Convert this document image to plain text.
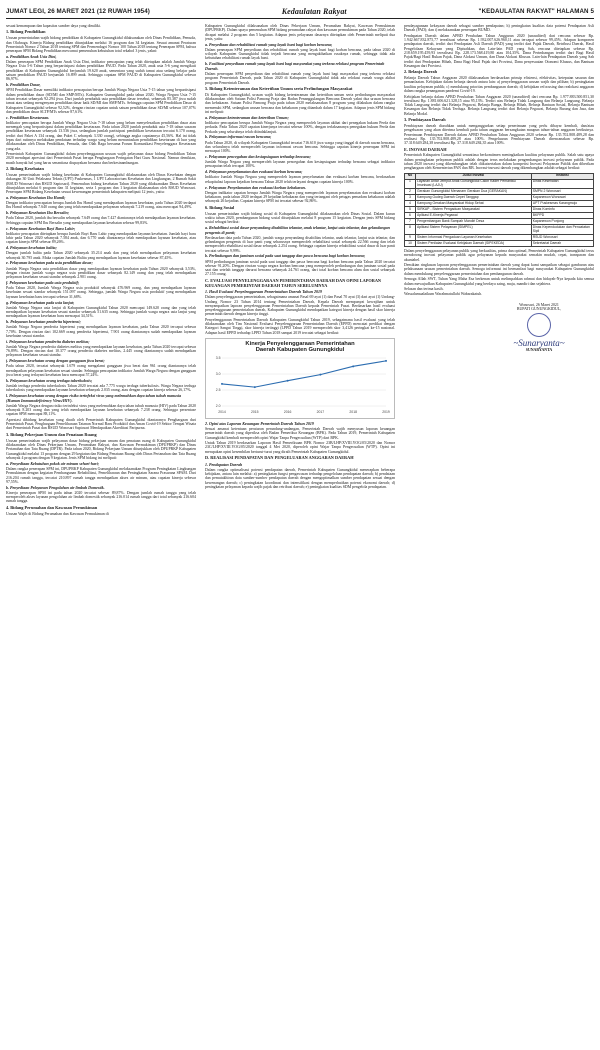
JUMAT LEGI, 26 MARET 2021 (12 RUWAH 1954)	Kedaulatan Rakyat	"KEDAULATAN RAKYAT" HALAMAN 5

sesuai kemampuan dan kapasitas sumber daya yang dimiliki.

1. Bidang Pendidikan

Urusan pemerintahan wajib bidang pendidikan di Kabupaten Gunungkidul dilaksanakan oleh Dinas Pendidikan, Pemuda, dan Olahraga. Kinerja Bidang pendidikan ditunjukkan melalui 16 program dan 34 kegiatan. Sesuai amanat Peraturan Pemerintah Nomor 2 Tahun 2018 tentang SPM dan Permendagri Nomor 100 Tahun 2018 tentang Penerapan SPM, bahwa penerapan SPM Bidang Pendidikan mewarnai pemenuhan kebutuhan total rekabol 3 jenis, yakni:

a. Pendidikan Anak Usia Dini,

Dalam penerapan SPM Pendidikan Anak Usia Dini, indikator pencapaian yang telah ditetapkan adalah Jumlah Warga Negara Usia 5-6 Tahun yang berpartisipasi dalam pendidikan PAUD. Pada Tahun 2020, anak usia 5-6 yang mengikuti pendidikan di Kabupaten Gunungkidul berjumlah 19.620 anak, sementara yang sudah tamat atau sedang belajar pada satuan pendidikan PAUD berjumlah 16.899 anak. Sehingga capaian SPM PAUD di Kabupaten Gunungkidul sebesar 86,97%.

b. Pendidikan Dasar,

SPM Pendidikan Dasar memiliki indikator pencapaian berupa Jumlah Warga Negara Usia 7-15 tahun yang berpartisipasi dalam pendidikan dasar (SD/MI dan SMP/MTs). Kabupaten Gunungkidul pada tahun 2020, Warga Negara Usia 7-15 tahun tercatat sebanyak 92.294 jiwa. Dari jumlah penduduk usia pendidikan dasar tersebut, sebanyak 85.387 jiwa sudah tamat atau sedang mengenyam pendidikan dasar baik SD/MI dan SMP/MTs. Sehingga capaian SPM Pendidikan Dasar di Kabupaten Gunungkidul sebesar 92,52%, dengan rincian capaian untuk satuan pendidikan dasar SD/MI sebesar 107,07% dan pendidikan dasar SLTP/MTs sebesar 87,61%.

c. Pendidikan Kesetaraan.

Indikator pencapaian berupa Jumlah Warga Negara Usia 7-18 tahun yang belum menyelesaikan pendidikan dasar atau menengah yang berpartisipasi dalam pendidikan kesetaraan. Pada tahun 2020 jumlah penduduk usia 7-18 tahun sasaran pendidikan kesetaraan sebanyak 13.536 jiwa, sedangkan jumlah partisipasi pendidikan kesetaraan tercatat 6.170 orang, terdiri dari Paket A 134 orang, dan Paket C sebanyak 3.330 orang), sehingga angka capaiannya 45,56%. Hal ini tidak lepas dari rutinnya melakukan pendataan terhadap warga yang belum menuntaskan pendidikan kesetaraan di luar yang dilaksanakan oleh Dinas Pendidikan, Pemuda, dan Olah Raga bersama Forum Komunikasi Penyelenggara Kesetaraan yang ada.

Pemerintah Kabupaten Gunungkidul dalam penyelenggaraan urusan wajib pelayanan dasar bidang Pendidikan Tahun 2020 mendapat apresiasi dari Pemerintah Pusat berupa Penghargaan Peringatan Hari Guru Nasional. Namun demikian, masih banyak hal yang harus senantiasa diupayakan bersama dan berkesinambungan.

2. Bidang Kesehatan

Urusan pemerintahan wajib bidang kesehatan di Kabupaten Gunungkidul dilaksanakan oleh Dinas Kesehatan dengan dukungan 30 Unit Pelaksana Teknis (UPT) Puskesmas, 1 UPT Laboratorium Kesehatan dan Lingkungan, 2 Rumah Sakit (RSUD Wonosari dan RSUD Saptosari). Pemenuhan bidang kesehatan Tahun 2020 yang dilaksanakan Dinas Kesehatan ditunjukkan melalui 6 program dan 31 kegiatan, serta 1 program dan 1 kegiatan dilaksanakan oleh RSUD Wonosari. Penerapan SPM Bidang Kesehatan sesuai kewenangan pemerintah kabupaten meliputi 12 jenis, yaitu:

a. Pelayanan Kesehatan Ibu Hamil;

Dengan indikator pencapaian berupa Jumlah Ibu Hamil yang mendapatkan layanan kesehatan, pada Tahun 2020 terdapat Ibu Hamil sebanyak 7.640 orang dan yang telah mendapatkan pelayanan sebanyak 7.219 orang, atau mencapai 94,49%.

b. Pelayanan Kesehatan Ibu Bersalin;

Pada Tahun 2020, jumlah ibu bersalin sebanyak 7.649 orang dan 7.427 diantaranya telah mendapatkan layanan kesehatan. Sehingga capaian SPM Ibu Bersalin yang mendapatkan layanan kesehatan sebesar 99,83%.

c. Pelayanan Kesehatan Bayi Baru Lahir;

Indikator pencapaian ditetapkan berupa Jumlah Bayi Baru Lahir yang mendapatkan layanan kesehatan. Jumlah bayi baru lahir pada Tahun 2020 sebanyak 7.584 anak, dan 6.770 anak diantaranya telah mendapatkan layanan kesehatan, atau capaian kinerja SPM sebesar 89,26%.

d. Pelayanan kesehatan balita;

Dengan jumlah balita pada Tahun 2020 sebanyak 35.214 anak dan yang telah mendapatkan pelayanan kesehatan sebanyak 30.795 anak. Maka capaian Jumlah Balita yang mendapatkan layanan kesehatan sebesar 87,45%.

e. Pelayanan kesehatan pada usia pendidikan dasar;

Jumlah Warga Negara usia pendidikan dasar yang mendapatkan layanan kesehatan pada Tahun 2020 sebanyak 3,53%, dengan rincian jumlah warga negara usia pendidikan dasar sebanyak 82.149 orang dan yang telah mendapatkan pelayanan kesehatan sesuai standar sebanyak 2.901 orang.

f. Pelayanan kesehatan pada usia produktif;

Pada Tahun 2020, Jumlah Warga Negara usia produktif sebanyak 476.969 orang, dan yang mendapatkan layanan kesehatan sesuai standar sebanyak 151.097 orang. Sehingga, jumlah Warga Negara usia produktif yang mendapatkan layanan kesehatan baru tercapai sebesar 31,68%.

g. Pelayanan kesehatan pada usia lanjut;

Jumlah Warga Negara usia lanjut di Kabupaten Gunungkidul Tahun 2020 mencapai 149.620 orang dan yang telah mendapatkan layanan kesehatan sesuai standar sebanyak 51.635 orang. Sehingga jumlah warga negara usia lanjut yang mendapatkan layanan kesehatan baru mencapai 34,51%.

h. Pelayanan kesehatan penderita hipertensi;

Jumlah Warga Negara penderita hipertensi yang mendapatkan layanan kesehatan, pada Tahun 2020 tercapai sebesar 7,70%. Dengan rincian dari 102.669 orang penderita hipertensi, 7.901 orang diantaranya sudah mendapatkan layanan kesehatan sesuai standar.

i. Pelayanan kesehatan penderita diabetes melitus;

Jumlah Warga Negara penderita diabetes melitus yang mendapatkan layanan kesehatan, pada Tahun 2020 tercapai sebesar 76,89%. Dengan rincian dari 10.377 orang penderita diabetes melitus, 2.445 orang diantaranya sudah mendapatkan pelayanan kesehatan sesuai standar.

j. Pelayanan kesehatan orang dengan gangguan jiwa berat;

Pada tahun 2020, tercatat sebanyak 1.679 orang mengalami gangguan jiwa berat dan 961 orang diantaranya telah mendapatkan pelayanan kesehatan sesuai standar. Sehingga pencapaian indikator Jumlah Warga Negara dengan gangguan jiwa berat yang terlayani kesehatan baru mencapai 57,24%.

k. Pelayanan kesehatan orang terduga tuberkulosis;

Jumlah terduga penderita tuberkulosis Tahun 2020 tercatat ada 7.775 warga terduga tuberkulosis. Warga Negara terduga tuberkulosis yang mendapatkan layanan kesehatan sebanyak 2.035 orang, atau dengan capaian kinerja sebesar 26,17%.

l. Pelayanan kesehatan orang dengan risiko terinfeksi virus yang melemahkan daya tahan tubuh manusia (Human Immunodeficiency Virus/HIV).

Jumlah Warga Negara dengan risiko terinfeksi virus yang melemahkan daya tahan tubuh manusia (HIV) pada Tahun 2020 sebanyak 8.203 orang dan yang telah mendapatkan layanan kesehatan sebanyak 7.238 orang. Sehingga persentase capaian SPM mencapai 88,11%.

Apresiasi dibidang kesehatan yang diraih oleh Pemerintah Kabupaten Gunungkidul diantaranya Penghargaan dari Pemerintah Pusat, Penghargaan Pemeliharaan Tatanan Normal Baru Produktif dan Aman Covid-19 Sektor Tempat Wisata dari Pemerintah Pusat dan RSUD Wonosari Saptosari Mendapatkan Akreditasi Paripurna.

3. Bidang Pekerjaan Umum dan Penataan Ruang

Urusan pemerintahan wajib pelayanan dasar bidang pekerjaan umum dan penataan ruang di Kabupaten Gunungkidul dilaksanakan oleh Dinas Pekerjaan Umum, Perumahan Rakyat, dan Kawasan Permukiman (DPUPRKP) dan Dinas Pertanahan dan Tata Ruang (DPTR). Pada tahun 2020, Bidang Pekerjaan Umum ditunjukkan oleh DPUPRKP Kabupaten Gunungkidul melalui 13 program dengan 29 kegiatan dan Bidang Penataan Ruang oleh Dinas Pertanahan dan Tata Ruang sebanyak 4 program dengan 9 kegiatan. Jenis SPM bidang ini meliputi:

a. Penyediaan Kebutuhan pokok air minum sehari-hari;

Dalam rangka penerapan SPM ini, DPUPRKP Kabupaten Gunungkidul melaksanakan Program Peningkatan Lingkungan Permukiman dengan kegiatan Pembangunan Rehabilitasi, Pemeliharaan dan Peningkatan Sarana Prasarana SPAM. Dari 216.204 rumah tangga, tercatat 210.897 rumah tangga mendapatkan akses air minum, atau capaian kinerja sebesar 97,55%.

b. Penyediaan Pelayanan Pengolahan air limbah Domestik.

Kinerja penerapan SPM ini pada tahun 2020 tercatat sebesar 89,87%. Dengan jumlah rumah tangga yang telah memperoleh akses layanan pengolahan air limbah domestik sebanyak 216.014 rumah tangga dari total sebanyak 216.604 rumah tangga.

4. Bidang Perumahan dan Kawasan Permukiman

Urusan Wajib di Bidang Perumahan dan Kawasan Permukiman di

Kabupaten Gunungkidul dilaksanakan oleh Dinas Pekerjaan Umum, Perumahan Rakyat, Kawasan Permukiman (DPUPRKP). Dalam upaya pemenuhan SPM bidang perumahan rakyat dan kawasan permukiman pada Tahun 2020, telah dicapai melalui 2 program dan 5 kegiatan. Adapun jenis pelayanan dasarnya ditetapkan oleh Pemerintah meliputi dua jenis, yaitu:

a. Penyediaan dan rehabilitasi rumah yang layak huni bagi korban bencana;

Dalam penerapan SPM penyediaan dan rehabilitasi rumah yang layak huni bagi korban bencana, pada tahun 2020 di wilayah Kabupaten Gunungkidul tidak terjadi bencana yang mengakibatkan rusaknya rumah, sehingga tidak ada kebutuhan rehabilitasi rumah layak huni.

b. Fasilitasi penyediaan rumah yang layak huni bagi masyarakat yang terkena relokasi program Pemerintah Daerah.

Dalam penerapan SPM penyediaan dan rehabilitasi rumah yang layak huni bagi masyarakat yang terkena relokasi program Pemerintah Daerah, pada Tahun 2020 di Kabupaten Gunungkidul tidak ada relokasi rumah warga akibat program Pemerintah Daerah.

5. Bidang Ketenteraman dan Ketertiban Umum serta Perlindungan Masyarakat

Di Kabupaten Gunungkidul, urusan wajib bidang ketenteraman dan ketertiban umum serta perlindungan masyarakat dilaksanakan oleh Satuan Polisi Pamong Praja dan Badan Penanggulangan Bencana Daerah yakni dua urusan bencana dan kebakaran. Satuan Polisi Pamong Praja pada tahun 2020 melaksanakan 8 program yang dilakukan dalam rangka memenuhi SPM, sedangkan urusan bencana dan kebakaran yang ditambah dalam 17 kegiatan. Adapun jenis SPM bidang ini meliputi:

a. Pelayanan ketenteraman dan ketertiban Umum;

Indikator pencapaian berupa Jumlah Warga Negara yang memperoleh layanan akibat dari penegakan hukum Perda dan perkada. Pada Tahun 2020 capaian kinerjanya tercatat sebesar 100%, dengan terlaksananya penegakan hukum Perda dan Perkada yang seluruhnya telah ditindaklanjuti.

b. Pelayanan informasi rawan bencana;

Pada Tahun 2020, di wilayah Kabupaten Gunungkidul tercatat 716.610 jiwa warga yang tinggal di daerah rawan bencana, dan seluruhnya telah memperoleh layanan informasi rawan bencana. Sehingga capaian kinerja penerapan SPM ini mencapai 100%.

c. Pelayanan pencegahan dan kesiapsiagaan terhadap bencana;

Jumlah Warga Negara yang memperoleh layanan pencegahan dan kesiapsiagaan terhadap bencana sebagai indikator pencapaian telah tercapai 100%.

d. Pelayanan penyelamatan dan evakuasi korban bencana;

Indikator Jumlah Warga Negara yang memperoleh layanan penyelamatan dan evakuasi korban bencana, berdasarkan rekapitulasi laporan kejadian bencana Tahun 2020 telah terlayani dengan capaian kinerja 100%.

e. Pelayanan Penyelamatan dan evakuasi korban kebakaran.

Dengan indikator capaian berupa Jumlah Warga Negara yang memperoleh layanan penyelamatan dan evakuasi korban kebakaran, pada tahun 2020 terdapat 29 kejadian kebakaran dan yang tertangani oleh petugas pemadam kebakaran adalah sebanyak 26 kejadian. Capaian kinerja SPM ini tercatat sebesar 92,86%.

6. Bidang Sosial

Urusan pemerintahan wajib bidang sosial di Kabupaten Gunungkidul dilaksanakan oleh Dinas Sosial. Dalam kurun waktu tahun 2020, pembangunan bidang sosial ditunjukkan melalui 8 program 15 kegiatan. Dengan jenis SPM bidang sosial sebagai berikut:

a. Rehabilitasi sosial dasar penyandang disabilitas telantar, anak telantar, lanjut usia telantar, dan gelandangan pengemis di panti;

Berdasarkan data pada Tahun 2020, jumlah warga penyandang disabilitas telantar, anak telantar, lanjut usia telantar, dan gelandangan pengemis di luar panti yang seharusnya memperoleh rehabilitasi sosial sebanyak 22.566 orang dan telah memperoleh rehabilitasi sosial dasar sebanyak 2.254 orang. Sehingga capaian kinerja rehabilitasi sosial dasar di luar panti tercatat sebesar 9,99%.

b. Perlindungan dan jaminan sosial pada saat tanggap dan pasca bencana bagi korban bencana;

SPM perlindungan jaminan sosial pada saat tanggap dan pasca bencana bagi korban bencana pada Tahun 2020 tercatat sebesar 91,20%. Dengan rincian warga negara korban bencana yang memperoleh perlindungan dan jaminan sosial pada saat dan setelah tanggap darurat bencana sebanyak 24.761 orang, dari total korban bencana alam dan sosial sebanyak 27.155 orang.

C. EVALUASI PENYELENGGARAAN PEMERINTAHAN DAERAH DAN OPINI LAPORAN KEUANGAN PEMERINTAH DAERAH TAHUN SEBELUMNYA
1. Hasil Evaluasi Penyelenggaraan Pemerintahan Daerah Tahun 2019

Dalam penyelenggaraan pemerintahan, sebagaimana amanat Pasal 69 ayat (1) dan Pasal 70 ayat (3) dari ayat (1) Undang-Undang Nomor 23 Tahun 2014 tentang Pemerintahan Daerah, Kepala Daerah mempunyai kewajiban untuk menyampaikan laporan penyelenggaraan Pemerintahan Daerah kepada Pemerintah Pusat. Berdasarkan hasil evaluasi penyelenggaraan pemerintahan daerah, Kabupaten Gunungkidul mendapatkan kategori kinerja dengan hasil skor kinerja pemerintah daerah dengan kinerja tinggi.

Penyelenggaraan Pemerintahan Daerah Kabupaten Gunungkidul Tahun 2019, sebagaimana hasil evaluasi yang telah dilaksanakan oleh Tim Nasional Evaluasi Penyelenggaraan Pemerintahan Daerah (EPPD) mencatat predikat dengan Kategori Sangat Tinggi, skor kinerja tertinggi (LPPD Tahun 2019 memperoleh skor 3,4126 peringkat ke-15 nasional. Adapun hasil EPPD terhadap LPPD Tahun 2018 sampai 2019 tercatat sebagai berikut:

Kinerja Penyelenggaraan Pemerintahan
Daerah Kabupaten Gunungkidul
2.0
2.5
3.0
3.5
2014	2015	2016	2017	2018	2019
2. Opini atas Laporan Keuangan Pemerintah Daerah Tahun 2019

Sesuai amanat ketentuan peraturan perundang-undangan, Pemerintah Daerah wajib menyusun laporan keuangan pemerintah daerah yang diperiksa oleh Badan Pemeriksa Keuangan (BPK). Pada Tahun 2019, Pemerintah Kabupaten Gunungkidul kembali memperoleh opini Wajar Tanpa Pengecualian (WTP) dari BPK.

Untuk Tahun 2019 berdasarkan Laporan Hasil Pemeriksaan BPK Nomor 23B/LHP/XVIII.YOG/05/2020 dan Nomor 23C/LHP/XVIII.YOG/05/2020 tanggal 4 Mei 2020, diperoleh opini Wajar Tanpa Pengecualian (WTP). Opini ini merupakan opini kesembilan berturut-turut yang diraih Pemerintah Kabupaten Gunungkidul.

D. REALISASI PENDAPATAN DAN PENGELUARAN ANGGARAN DAERAH
1. Pendapatan Daerah

Dalam rangka optimalisasi potensi pendapatan daerah, Pemerintah Kabupaten Gunungkidul menerapkan beberapa kebijakan, antara lain melalui: a) peningkatan fungsi pengawasan terhadap pengelolaan pendapatan daerah; b) pendataan dan pemutakhiran data sumber-sumber pendapatan daerah dengan mengoptimalkan sumber pendapatan sesuai dengan kewenangan daerah; c) peningkatan koordinasi dan intensifikasi dengan memperhatikan potensi ekonomi daerah; d) peningkatan pelayanan kepada wajib pajak dan retribusi daerah; e) peningkatan kualitas SDM pengelola pendapatan.

pendayagunaan kekayaan daerah sebagai sumber pendapatan; h) peningkatan kualitas data potensi Pendapatan Asli Daerah (PAD); dan i) melaksanakan penerapan BUMD.

Pendapatan Daerah dalam APBD Perubahan Tahun Anggaran 2020 (unaudited) dari rencana sebesar Rp. 1.942.667.832.875,77 terealisasi sebesar Rp. 1.932.007.626.960,11 atau tercapai sebesar 99,45%. Adapun komponen pendapatan daerah, terdiri dari Pendapatan Asli Daerah (PAD) yang terdiri dari Pajak Daerah, Retribusi Daerah, Hasil Pengelolaan Kekayaan yang Dipisahkan, dan Lain-lain PAD yang Sah, rencana ditetapkan sebesar Rp. 218.659.195.459,93 terealisasi Rp. 228.173.568.419,80 atau 104,35%. Dana Perimbangan terdiri dari Bagi Hasil Pajak/Bagi Hasil Bukan Pajak, Dana Alokasi Umum, dan Dana Alokasi Khusus. Lain-lain Pendapatan Daerah yang Sah terdiri dari Pendapatan Hibah, Dana Bagi Hasil Pajak dari Provinsi, Dana penyesuaian Otonomi Khusus, dan Bantuan Keuangan dari Provinsi.

2. Belanja Daerah

Belanja Daerah Tahun Anggaran 2020 dilaksanakan berdasarkan prinsip efisiensi, efektivitas, ketepatan sasaran dan pemanfaatan. Kebijakan dalam belanja daerah antara lain: a) penyelenggaraan urusan wajib dan pilihan; b) peningkatan kualitas pelayanan publik; c) mendukung prioritas pembangunan daerah; d) kebijakan refocusing dan realokasi anggaran dalam rangka penanganan pandemi Covid-19.

Kebijakan belanja dalam APBD Perubahan Tahun Anggaran 2020 (unaudited) dari rencana Rp. 1.977.883.500.851,30 terealisasi Rp. 1.881.606.621.328,15 atau 95,13%. Terdiri atas Belanja Tidak Langsung dan Belanja Langsung. Belanja Tidak Langsung terdiri dari Belanja Pegawai, Belanja Bunga, Belanja Hibah, Belanja Bantuan Sosial, Belanja Bantuan Keuangan dan Belanja Tidak Terduga. Belanja Langsung terdiri dari Belanja Pegawai, Belanja Barang dan Jasa, dan Belanja Modal.

3. Pembiayaan Daerah

Pembiayaan daerah diarahkan untuk menganggarkan setiap penerimaan yang perlu dibayar kembali, dan/atau pengeluaran yang akan diterima kembali pada tahun anggaran bersangkutan maupun tahun-tahun anggaran berikutnya. Penerimaan Pembiayaan Daerah dalam APBD Perubahan Tahun Anggaran 2020 sebesar Rp. 135.702.808.489,28 dan realisasi Rp. 135.702.808.489,28 atau 100%. Pengeluaran Pembiayaan Daerah direncanakan sebesar Rp. 37.318.649.284,38 terealisasi Rp. 37.318.649.284,35 atau 100%.

E. INOVASI DAERAH

Pemerintah Kabupaten Gunungkidul senantiasa berkomitmen meningkatkan kualitas pelayanan publik. Salah satu upaya dalam peningkatan pelayanan publik adalah dengan terus melakukan pengembangan inovasi pelayanan publik. Pada tahun 2020 inovasi yang dikembangkan telah diikutsertakan dalam kompetisi Inovasi Pelayanan Publik dan diberikan penghargaan oleh Kementerian PAN dan RB. Inovasi-inovasi daerah yang dikembangkan adalah sebagai berikut:

No	Judul Inovasi	Instansi
1	Layanan Antar Jemput Anak Gunungkidul Calon Kader Pemantau Imunisasi (LAJU)	Dinas Kesehatan
2	Gerakan Gunungkidul Menanam Gerakan Dua (GERAKAN)	SMPN 2 Wonosari
3	Kampung Gudeg Daerah Cepet Tanggap	Kapanewon Wonosari
4	Kampung Gerakan Masyarakat Hidup Sehat	UPT Puskesmas Karangmojo
5	SIRKAP - Sistem Pengaduan Masyarakat	Dinas Kominfo
6	Aplikasi E-Kinerja Pegawai	BKPPD
7	Pengembangan Bank Sampah Mandiri Desa	Kapanewon Ponjong
8	Aplikasi Sistem Pelayanan (SIMPEL)	Dinas Kependudukan dan Pencatatan Sipil
9	Sistem Informasi Pengaduan Layanan Kesehatan	RSUD Wonosari
10	Sistem Penilaian Evaluasi Kebijakan Daerah (SIPEKEDA)	Sekretariat Daerah

Dalam penyelenggaraan pelayanan publik yang berkualitas, prima dan optimal, Pemerintah Kabupaten Gunungkidul terus mendorong inovasi pelayanan publik agar pelayanan kepada masyarakat semakin mudah, cepat, transparan dan akuntabel.

Demikian ringkasan laporan penyelenggaraan pemerintahan daerah yang dapat kami sampaikan sebagai gambaran atas pelaksanaan urusan pemerintahan daerah. Semoga informasi ini bermanfaat bagi masyarakat Kabupaten Gunungkidul dalam mendukung penyelenggaraan pemerintahan dan pembangunan daerah.

Semoga Allah SWT, Tuhan Yang Maha Esa berkenan untuk melimpahkan rahmat dan hidayah-Nya kepada kita semua dalam mewujudkan Kabupaten Gunungkidul yang berdaya saing, maju, mandiri dan sejahtera.

Selasan dan terima kasih.

Wassalamualaikum Warahmatullahi Wabarakatuh.

Wonosari, 26 Maret 2021
BUPATI GUNUNGKIDUL,
~Sunaryanta~
SUNARYANTA
